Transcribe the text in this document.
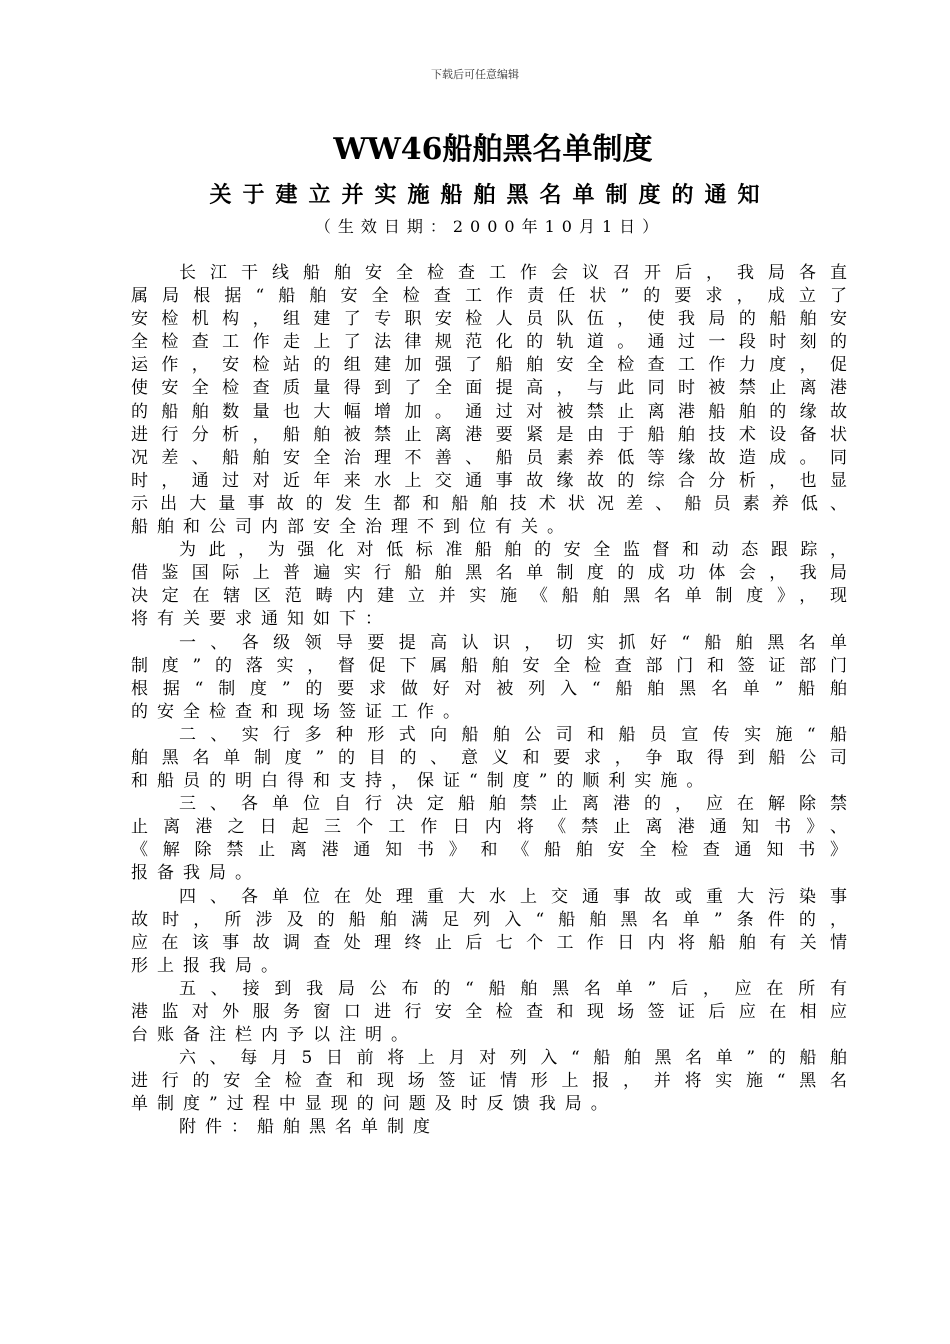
下载后可任意编辑
WW46船舶黑名单制度
关于建立并实施船舶黑名单制度的通知
（生效日期：2000年10月1日）
长江干线船舶安全检查工作会议召开后，我局各直
属局根据“船舶安全检查工作责任状”的要求，成立了
安检机构，组建了专职安检人员队伍，使我局的船舶安
全检查工作走上了法律规范化的轨道。通过一段时刻的
运作，安检站的组建加强了船舶安全检查工作力度，促
使安全检查质量得到了全面提高，与此同时被禁止离港
的船舶数量也大幅增加。通过对被禁止离港船舶的缘故
进行分析，船舶被禁止离港要紧是由于船舶技术设备状
况差、船舶安全治理不善、船员素养低等缘故造成。同
时，通过对近年来水上交通事故缘故的综合分析，也显
示出大量事故的发生都和船舶技术状况差、船员素养低、
船舶和公司内部安全治理不到位有关。
为此，为强化对低标准船舶的安全监督和动态跟踪，
借鉴国际上普遍实行船舶黑名单制度的成功体会，我局
决定在辖区范畴内建立并实施《船舶黑名单制度》，现
将有关要求通知如下：
一、各级领导要提高认识，切实抓好“船舶黑名单
制度”的落实，督促下属船舶安全检查部门和签证部门
根据“制度”的要求做好对被列入“船舶黑名单”船舶
的安全检查和现场签证工作。
二、实行多种形式向船舶公司和船员宣传实施“船
舶黑名单制度”的目的、意义和要求，争取得到船公司
和船员的明白得和支持，保证“制度”的顺利实施。
三、各单位自行决定船舶禁止离港的，应在解除禁
止离港之日起三个工作日内将《禁止离港通知书》、
《解除禁止离港通知书》和《船舶安全检查通知书》
报备我局。
四、各单位在处理重大水上交通事故或重大污染事
故时，所涉及的船舶满足列入“船舶黑名单”条件的，
应在该事故调查处理终止后七个工作日内将船舶有关情
形上报我局。
五、接到我局公布的“船舶黑名单”后，应在所有
港监对外服务窗口进行安全检查和现场签证后应在相应
台账备注栏内予以注明。
六、每月5日前将上月对列入“船舶黑名单”的船舶
进行的安全检查和现场签证情形上报，并将实施“黑名
单制度”过程中显现的问题及时反馈我局。
附件：船舶黑名单制度
